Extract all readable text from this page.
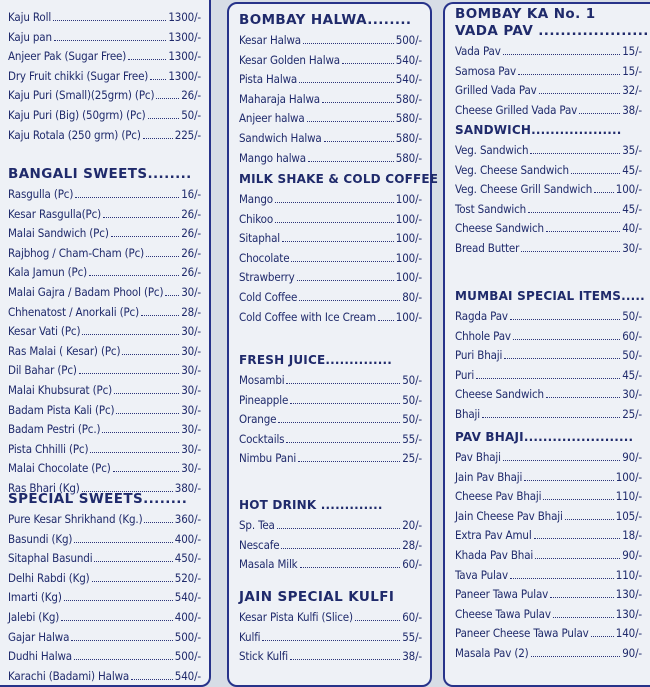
Kaju Roll	1300/-
Kaju pan	1300/-
Anjeer Pak (Sugar Free)	1300/-
Dry Fruit chikki (Sugar Free) 1300/-
Kaju Puri (Small)(25grm) (Pc) 26/-
Kaju Puri (Big) (50grm) (Pc)	50/-
Kaju Rotala (250 grm) (Pc)	225/-
BANGALI SWEETS........
Rasgulla (Pc)	16/-
Kesar Rasgulla(Pc)	26/-
Malai Sandwich (Pc)	26/-
Rajbhog / Cham-Cham (Pc)	26/-
Kala Jamun (Pc)	26/-
Malai Gajra / Badam Phool (Pc) 30/-
Chhenatost / Anorkali (Pc)	28/-
Kesar Vati (Pc)	30/-
Ras Malai ( Kesar) (Pc)	30/-
Dil Bahar (Pc)	30/-
Malai Khubsurat (Pc)	30/-
Badam Pista Kali (Pc)	30/-
Badam Pestri (Pc.)	30/-
Pista Chhilli (Pc)	30/-
Malai Chocolate (Pc)	30/-
Ras Bhari (Kg)	380/-
SPECIAL SWEETS........
Pure Kesar Shrikhand (Kg.)	360/-
Basundi (Kg)	400/-
Sitaphal Basundi	450/-
Delhi Rabdi (Kg)	520/-
Imarti (Kg)	540/-
Jalebi (Kg)	400/-
Gajar Halwa	500/-
Dudhi Halwa	500/-
Karachi (Badami) Halwa	540/-
BOMBAY HALWA........
Kesar Halwa	500/-
Kesar Golden Halwa	540/-
Pista Halwa	540/-
Maharaja Halwa	580/-
Anjeer halwa	580/-
Sandwich Halwa	580/-
Mango halwa	580/-
MILK SHAKE & COLD COFFEE
Mango	100/-
Chikoo	100/-
Sitaphal	100/-
Chocolate	100/-
Strawberry	100/-
Cold Coffee	80/-
Cold Coffee with Ice Cream 100/-
FRESH JUICE..............
Mosambi	50/-
Pineapple	50/-
Orange	50/-
Cocktails	55/-
Nimbu Pani	25/-
HOT DRINK .............
Sp. Tea	20/-
Nescafe	28/-
Masala Milk	60/-
JAIN SPECIAL KULFI
Kesar Pista Kulfi (Slice)	60/-
Kulfi	55/-
Stick Kulfi	38/-
BOMBAY KA No. 1
VADA PAV ....................
Vada Pav	15/-
Samosa Pav	15/-
Grilled Vada Pav	32/-
Cheese Grilled Vada Pav	38/-
SANDWICH...................
Veg. Sandwich	35/-
Veg. Cheese Sandwich	45/-
Veg. Cheese Grill Sandwich 100/-
Tost Sandwich	45/-
Cheese Sandwich	40/-
Bread Butter	30/-
MUMBAI SPECIAL ITEMS.....
Ragda Pav	50/-
Chhole Pav	60/-
Puri Bhaji	50/-
Puri	45/-
Cheese Sandwich	30/-
Bhaji	25/-
PAV BHAJI.......................
Pav Bhaji	90/-
Jain Pav Bhaji	100/-
Cheese Pav Bhaji	110/-
Jain Cheese Pav Bhaji	105/-
Extra Pav Amul	18/-
Khada Pav Bhai	90/-
Tava Pulav	110/-
Paneer Tawa Pulav	130/-
Cheese Tawa Pulav	130/-
Paneer Cheese Tawa Pulav 140/-
Masala Pav (2)	90/-
